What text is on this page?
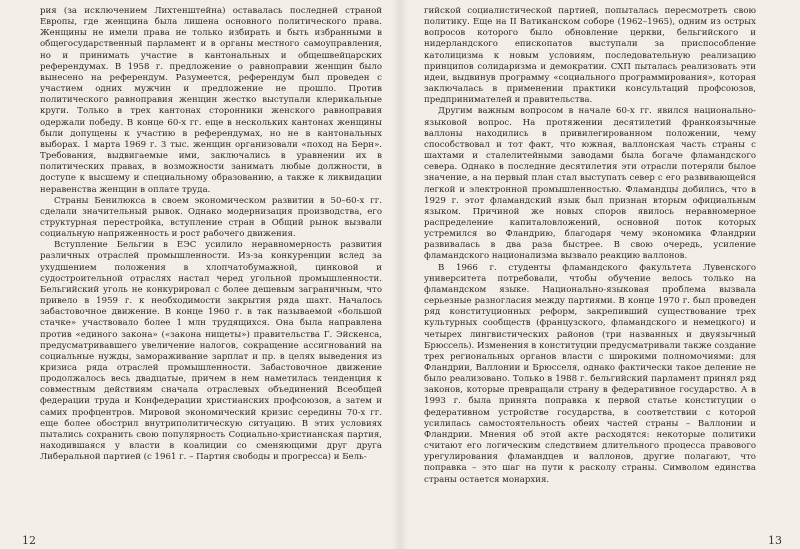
рия (за исключением Лихтенштейна) оставалась последней страной Европы, где женщина была лишена основного политического права. Женщины не имели права не только избирать и быть избранными в общегосударственный парламент и в органы местного самоуправления, но и принимать участие в кантональных и общешвейцарских референдумах. В 1958 г. предложение о равноправии женщин было вынесено на референдум. Разумеется, референдум был проведен с участием одних мужчин и предложение не прошло. Против политического равноправия женщин жестко выступали клерикальные круги. Только в трех кантонах сторонники женского равноправия одержали победу. В конце 60-х гг. еще в нескольких кантонах женщины были допущены к участию в референдумах, но не в кантональных выборах. 1 марта 1969 г. 3 тыс. женщин организовали «поход на Берн». Требования, выдвигаемые ими, заключались в уравнении их в политических правах, в возможности занимать любые должности, в доступе к высшему и специальному образованию, а также к ликвидации неравенства женщин в оплате труда.

Страны Бенилюкса в своем экономическом развитии в 50–60-х гг. сделали значительный рывок. Однако модернизация производства, его структурная перестройка, вступление стран в Общий рынок вызвали социальную напряженность и рост рабочего движения.

Вступление Бельгии в ЕЭС усилило неравномерность развития различных отраслей промышленности. Из-за конкуренции вслед за ухудшением положения в хлопчатобумажной, цинковой и судостроительной отраслях настал черед угольной промышленности. Бельгийский уголь не конкурировал с более дешевым заграничным, что привело в 1959 г. к необходимости закрытия ряда шахт. Началось забастовочное движение. В конце 1960 г. в так называемой «большой стачке» участвовало более 1 млн трудящихся. Она была направлена против «единого закона» («закона нищеты») правительства Г. Эйскенса, предусматривавшего увеличение налогов, сокращение ассигнований на социальные нужды, замораживание зарплат и пр. в целях выведения из кризиса ряда отраслей промышленности. Забастовочное движение продолжалось весь двадцатые, причем в нем наметилась тенденция к совместным действиям сначала отраслевых объединений Всеобщей федерации труда и Конфедерации христианских профсоюзов, а затем и самих профцентров. Мировой экономический кризис середины 70-х гг. еще более обострил внутриполитическую ситуацию. В этих условиях пытались сохранить свою популярность Социально-христианская партия, находившаяся у власти в коалиции со сменяющими друг друга Либеральной партией (с 1961 г. – Партия свободы и прогресса) и Бель-

12

гийской социалистической партией, попыталась пересмотреть свою политику. Еще на II Ватиканском соборе (1962–1965), одним из острых вопросов которого было обновление церкви, бельгийского и нидерландского епископатов выступали за приспособление католицизма к новым условиям, последовательную реализацию принципов солидаризма и демократии. СХП пыталась реализовать эти идеи, выдвинув программу «социального программирования», которая заключалась в применении практики консультаций профсоюзов, предпринимателей и правительства.

Другим важным вопросом в начале 60-х гг. явился национально-языковой вопрос. На протяжении десятилетий франкоязычные валлоны находились в привилегированном положении, чему способствовал и тот факт, что южная, валлонская часть страны с шахтами и сталелитейными заводами была богаче фламандского севера. Однако в последние десятилетия эти отрасли потеряли былое значение, а на первый план стал выступать север с его развивающейся легкой и электронной промышленностью. Фламандцы добились, что в 1929 г. этот фламандский язык был признан вторым официальным языком. Причиной же новых споров явилось неравномерное распределение капиталовложений, основной поток которых устремился во Фландрию, благодаря чему экономика Фландрии развивалась в два раза быстрее. В свою очередь, усиление фламандского национализма вызвало реакцию валлонов.

В 1966 г. студенты фламандского факультета Лувенского университета потребовали, чтобы обучение велось только на фламандском языке. Национально-языковая проблема вызвала серьезные разногласия между партиями. В конце 1970 г. был проведен ряд конституционных реформ, закрепивший существование трех культурных сообществ (французского, фламандского и немецкого) и четырех лингвистических районов (три названных и двуязычный Брюссель). Изменения в конституции предусматривали также создание трех региональных органов власти с широкими полномочиями: для Фландрии, Валлонии и Брюсселя, однако фактически такое деление не было реализовано. Только в 1988 г. бельгийский парламент принял ряд законов, которые превращали страну в федеративное государство. А в 1993 г. была принята поправка к первой статье конституции о федеративном устройстве государства, в соответствии с которой усилилась самостоятельность обеих частей страны – Валлонии и Фландрии. Мнения об этой акте расходятся: некоторые политики считают его логическим следствием длительного процесса правового урегулирования фламандцев и валлонов, другие полагают, что поправка – это шаг на пути к расколу страны. Символом единства страны остается монархия.

13
